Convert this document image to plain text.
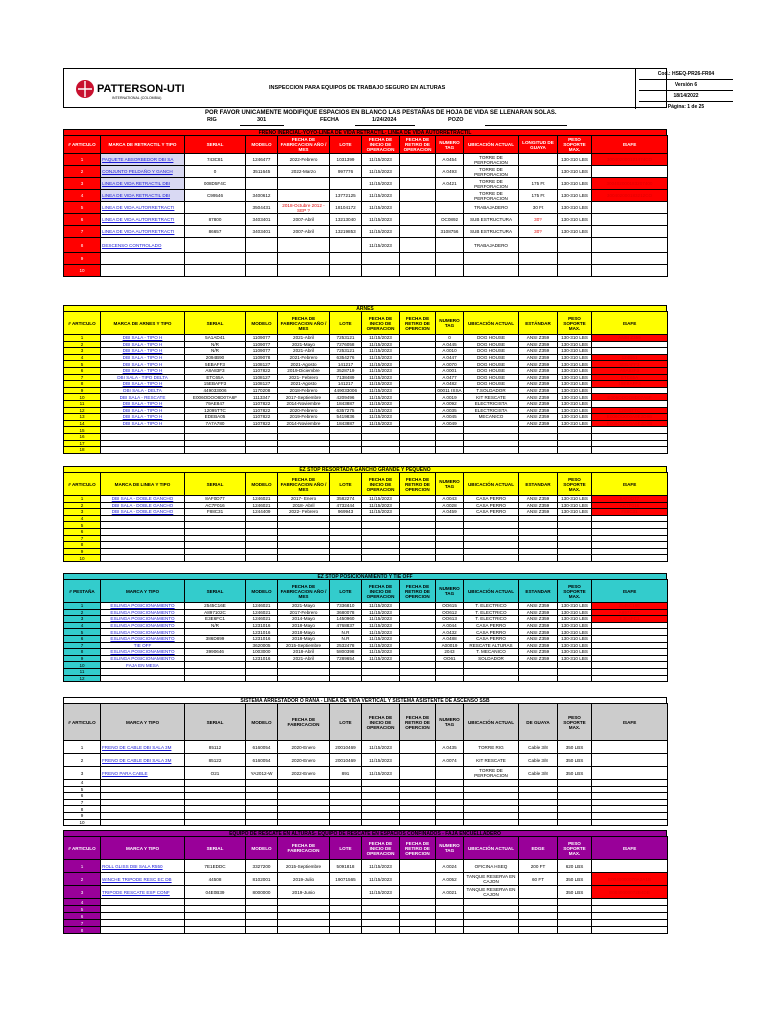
PATTERSON-UTI
INTERNATIONAL (COLOMBIA)
INSPECCION PARA EQUIPOS DE TRABAJO SEGURO EN ALTURAS
Cod.: HSEQ-PR26-FR04
Versión 6
18/14/2022
Página: 1 de 25
POR FAVOR UNICAMENTE MODIFIQUE ESPACIOS EN BLANCO LAS PESTAÑAS DE HOJA DE VIDA SE LLENARAN SOLAS.
RIG	301	FECHA	1/24/2024	POZO
FRENO INERCIAL-YOYO-LINEA DE VIDA RETRACTIL- LINEA DE VIDA AUTORRETRACTIL
# ARTICULO	MARCA DE RETRACTIL Y TIPO	SERIAL	MODELO	FECHA DE FABRICACION AÑO / MES	LOTE	FECHA DE INICIO DE OPERACION	FECHA DE RETIRO DE OPERACION	NUMERO TAG	UBICACIÓN ACTUAL	LONGITUD DE GUAYA	PESO SOPORTE MAX.	ISAFE
1	PAQUETE ABSORBEDOR DBI SA	743C81	1246477	2022-Febrero	1031399	11/15/2023		A 0454	TORRE DE PERFORACION		130-310 LBS	300402000121474CO
2	CONJUNTO PELDAÑO Y GANCH	0	3511645	2022-Marzo	997776	11/15/2023		A 0493	TORRE DE PERFORACION		130-310 LBS	
3	LINEA DE VIDA RETRACTIL DBI	008D5F4C				11/15/2023		A 0421	TORRE DE PERFORACION	175 Ft	130-310 LBS	300402000183207400
4	LINEA DE VIDA RETRACTIL DBI	C99546	3400612		13772125	11/15/2023			TORRE DE PERFORACION	175 Ft	130-310 LBS	300402000183212CO
5	LINEA DE VIDA AUTORRETRACTI		3504431	2018-Octubre 2012 - SEP ?	18104172	11/15/2023			TRABAJADERO	30 Ft	130-310 LBS	
6	LINEA DE VIDA AUTORRETRACTI	87800	3403401	2007-Abril	13213040	11/15/2023		OC0892	SUB ESTRUCTURA	30?	130-310 LBS	
7	LINEA DE VIDA AUTORRETRACTI	86657	3403401	2007-Abril	13219853	11/15/2023		3108756	SUB ESTRUCTURA	30?	130-310 LBS	
8	DESCENSO CONTROLADO					11/15/2023			TRABAJADERO			
9												
10												
ARNES
# ARTICULO	MARCA DE ARNES Y TIPO	SERIAL	MODELO	FECHA DE FABRICACION AÑO / MES	LOTE	FECHA DE INICIO DE OPERACION	FECHA DE RETIRO DE OPERCION	NUMERO TAG	UBICACIÓN ACTUAL	ESTÁNDAR	PESO SOPORTE MAX.	ISAFE
1	DBI SALA - TIPO H	5A1AD41	1109077	2021-Abril	7253121	11/15/2023		0	DOG HOUSE	ANSI Z359	130-310 LBS	ANSI Z359
2	DBI SALA - TIPO H	N/R	1109077	2021-Mayo	7276058	11/15/2023		A 0445	DOG HOUSE	ANSI Z359	130-310 LBS	
3	DBI SALA - TIPO H	N/R	1109077	2021-Abril	7253121	11/15/2023		A 0010	DOG HOUSE	ANSI Z359	130-310 LBS	
4	DBI SALA - TIPO H	2094B90	1109078	2021-Febrero	6354276	11/15/2023		A 0447	DOG HOUSE	ANSI Z359	130-310 LBS	124B61
5	DBI SALA - TIPO H	5EBAFF3	1108127	2021-Agosto	141217	11/15/2023		A 0070	DOG HOUSE	ANSI Z359	130-310 LBS	5EBAFF3
6	DBI SALA - TIPO H	A8A83F3	1107822	2019-Diciembre	3528719	11/15/2023		A 0001	DOG HOUSE	ANSI Z359	130-310 LBS	A8A83F3
7	DBI SALA - TIPO DELTA	ETC65A	1108127	2021- Febrero	7138489	11/15/2023		A 0477	DOG HOUSE	ANSI Z359	130-310 LBS	ETC65A
8	DBI SALA - TIPO H	15EBAFF3	1108127	2021-Agosto	141217	11/15/2023		A 0482	DOG HOUSE	ANSI Z359	130-310 LBS	15EBAFF3
9	DBI SALA - DELTA	449033006	1170208	2018-Febrero	449033006	11/15/2023		00011 ISSA	T.SOLDADOR	ANSI Z359	130-310 LBS	
10	DBI SALA - RESCATE	E006ODOO8D07A6F	1113347	2017-Septiembre	4209496	11/15/2023		A 0019	KIT RESCATE	ANSI Z359	130-310 LBS	E006ODOO8D07A6F
11	DBI SALA - TIPO H	79AE847	1107822	2014-Noviembre	1843887	11/15/2023		A 0092	ELECTRICISTA	ANSI Z359	130-310 LBS	
12	DBI SALA - TIPO H	12095TTC	1107822	2020-Febrero	6357275	11/15/2023		A 0035	ELECTRICISTA	ANSI Z359	130-310 LBS	12095TTC
13	DBI SALA - TIPO H	EDEBA05	1107822	2019-Febrero	5419836	11/15/2023		A 0045	MECANICO	ANSI Z359	130-310 LBS	E006OD000A9E2D8B
14	DBI SALA - TIPO H	7A7A780	1107822	2014-Noviembre	1843887	11/15/2023		A 0049		ANSI Z359	130-310 LBS	E006OD000A9E2D8B
15												
16												
17												
18												
EZ STOP RESORTADA GANCHO GRANDE Y PEQUEÑO
# ARTICULO	MARCA DE LINEA Y TIPO	SERIAL	MODELO	FECHA DE FABRICACION AÑO / MES	LOTE	FECHA DE INICIO DE OPERACION	FECHA DE RETIRO DE OPERCION	NUMERO TAG	UBICACIÓN ACTUAL	ESTANDAR	PESO SOPORTE MAX.	ISAFE
1	DBI SALA - DOBLE GANCHO	8AF0D77	1246021	2017- Enero	3582274	11/15/2023		A 0043	CASA PERRO	ANSI Z359	130-310 LBS	8AF0D77
2	DBI SALA - DOBLE GANCHO	AC7F016	1246021	2018- Abril	4732444	11/15/2023		A 0028	CASA PERRO	ANSI Z359	130-310 LBS	AC7F016
3	DBI SALA - DOBLE GANCHO	F88C31	1244409	2022- Febrero	969943	11/15/2023		A 0459	CASA PERRO	ANSI Z359	130-310 LBS	F88C31
4												
5												
6												
7												
8												
9												
10												
EZ STOP POSICIONAMIENTO Y TIE OFF
# PESTAÑA	MARCA Y TIPO	SERIAL	MODELO	FECHA DE FABRICACION AÑO / MES	LOTE	FECHA DE INICIO DE OPERACION	FECHA DE RETIRO DE OPERCION	NUMERO TAG	UBICACIÓN ACTUAL	ESTANDAR	PESO SOPORTE MAX.	ISAFE
1	ESLINGA POSICIONAMIENTO	2545C16E	1246021	2021-Mayo	7336810	11/15/2023		OO615	T. ELECTRICO	ANSI Z359	130-310 LBS	2545C16E
2	ESLINGA POSICIONAMIENTO	A897102C	1246021	2017-Febrero	3680078	11/15/2023		OO612	T. ELECTRICO	ANSI Z359	130-310 LBS	A897102C
3	ESLINGA POSICIONAMIENTO	E3E6FC1	1246021	2014-Mayo	1450960	11/15/2023		OO613	T. ELECTRICO	ANSI Z359	130-310 LBS	E3E6FC1
4	ESLINGA POSICIONAMIENTO	N/R	1231016	2018-Mayo	4768837	11/15/2023		A 0044	CASA PERRO	ANSI Z359	130-310 LBS	
5	ESLINGA POSICIONAMIENTO		1231016	2018-Mayo	N.R	11/15/2023		A 0432	CASA PERRO	ANSI Z359	130-310 LBS	
6	ESLINGA POSICIONAMIENTO	386D899	1231016	2018-Mayo	N.R	11/15/2023		A 0488	CASA PERRO	ANSI Z359	130-310 LBS	
7	TIE OFF		3620005	2015-Septiembre	2532478	11/15/2023		A00019	RESCATE ALTURAS	ANSI Z359	130-310 LBS	
8	ESLINGA POSICIONAMIENTO	3990646	1003000	2018-Abril	5800398	11/15/2023		2043	T. MECANICO	ANSI Z359	130-310 LBS	
9	ESLINGA POSICIONAMIENTO		1231016	2021-Abril	7289654	11/15/2023		OO61	SOLDADOR	ANSI Z359	130-310 LBS	
10	FAJA EN MESA											
11												
12												
SISTEMA ARRESTADOR O RANA - LINEA DE VIDA VERTICAL Y SISTEMA ASISTENTE DE ASCENSO SSB
# ARTICULO	MARCA Y TIPO	SERIAL	MODELO	FECHA DE FABRICACION	LOTE	FECHA DE INICIO DE OPERACION	FECHA DE RETIRO DE OPERCION	NUMERO TAG	UBICACIÓN ACTUAL	DE GUAYA	PESO SOPORTE MAX.	ISAFE
1	FRENO DE CABLE DBI SALA 3M	85112	6160054	2020-Enero	20010469	11/15/2023		A 0435	TORRE RIG	Cable 3/8	350 LBS	
2	FRENO DE CABLE DBI SALA 3M	85122	6160054	2020-Enero	20010469	11/15/2023		A 0074	KIT RESCATE	Cable 3/8	350 LBS	
3	FRENO PARA CABLE	O21	YA2012-W	2022-Enero	891	11/15/2023			TORRE DE PERFORACION	Cable 3/8	350 LBS	
4												
5												
6												
7												
8												
9												
10												
EQUIPO DE RESCATE EN ALTURAS- EQUIPO DE RESCATE EN ESPACIOS CONFINADOS - FAJA ENCUELLADERO
# ARTICULO	MARCA Y TIPO	SERIAL	MODELO	FECHA DE FABRICACION	LOTE	FECHA DE INICIO DE OPERACION	FECHA DE RETIRO DE OPERCION	NUMERO TAG	UBICACIÓN ACTUAL	EDGE	PESO SOPORTE MAX.	ISAFE
1	ROLL GLISS DBI SALA R550	7E1EDDC	3327200	2015-Septiembre	5091818	11/15/2023		A 0024	OFICINA HSEQ	200 FT	620 LBS	
2	WINCHE TRIPODE RESC EC DB	44508	8102001	2019-Julio	19071565	11/15/2023		A 0052	TANQUE RESERVA EN CAJON	60 FT	350 LBS	E0040000070A2A1B
3	TRIPODE RESCATE ESP CONF	04E0B39	8000000	2019-Junio		11/15/2023		A 0021	TANQUE RESERVA EN CAJON		350 LBS	E0040000072B4DB
4												
5												
6												
7												
8												
